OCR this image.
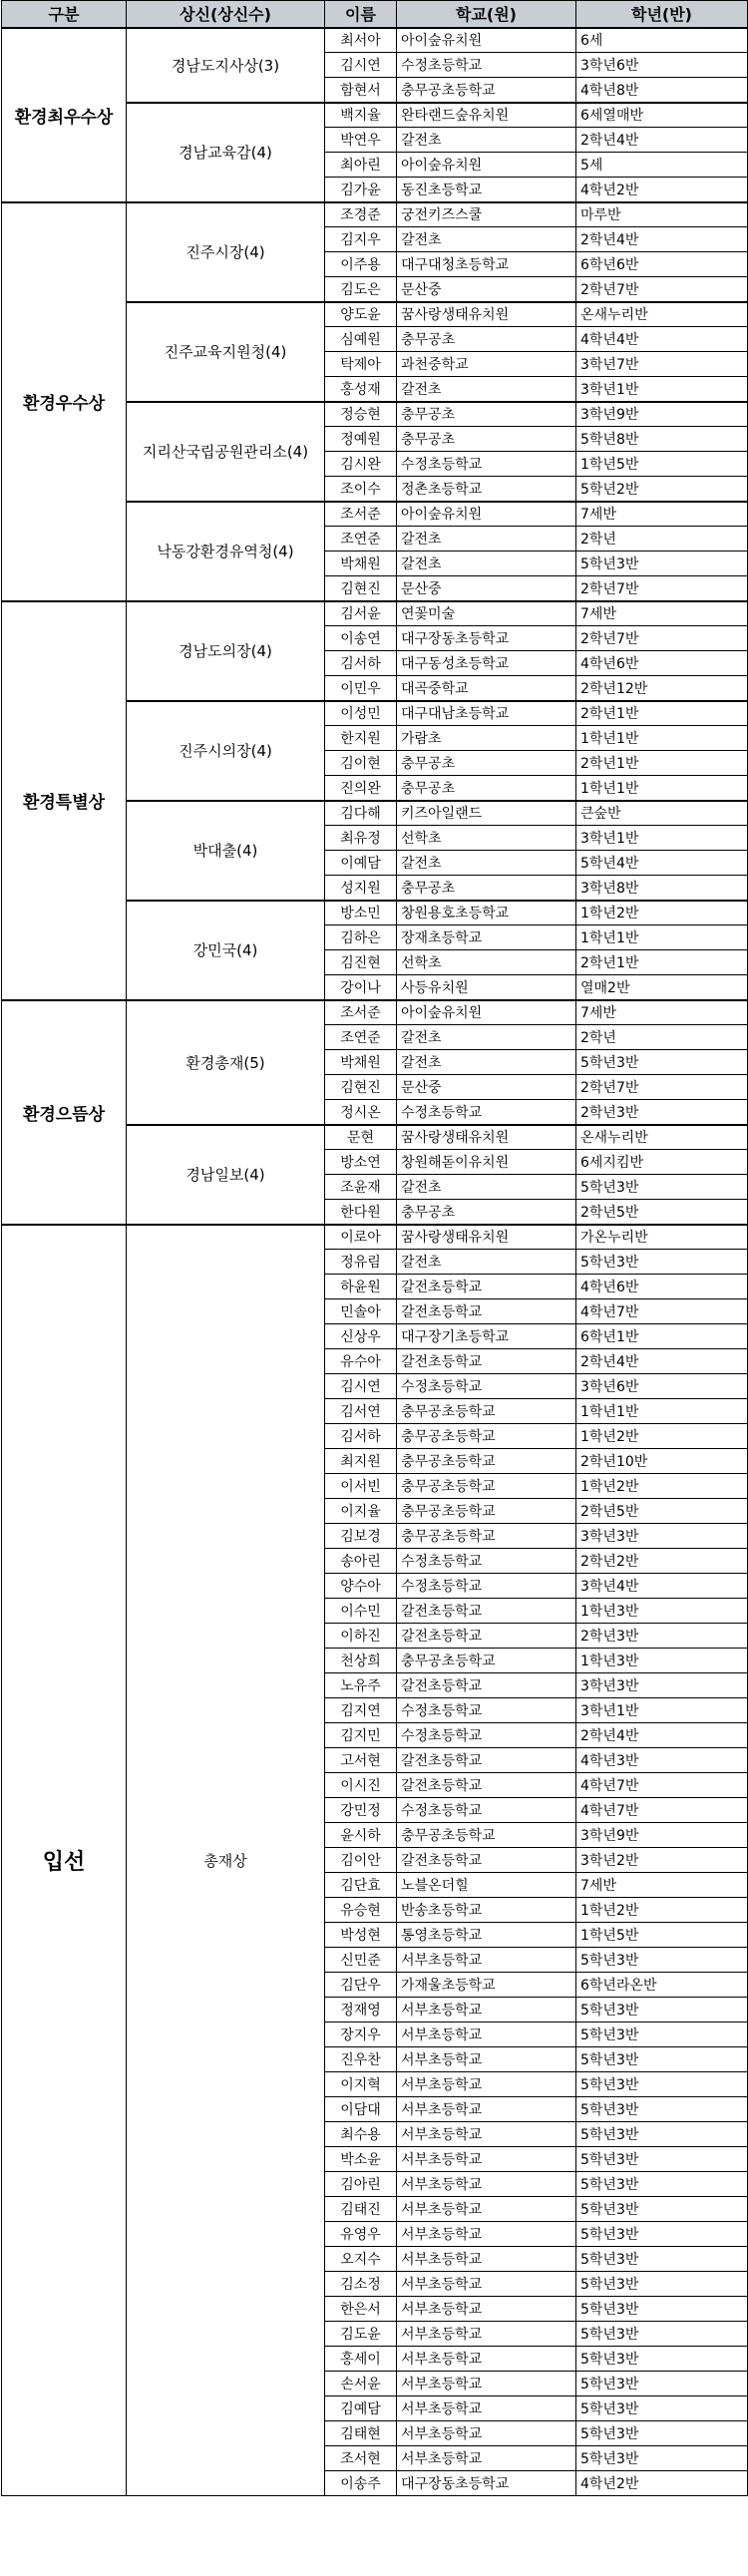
구분	상신(상신수)	이름	학교(원)	학년(반)
환경최우수상	경남도지사상(3)	최서아	아이숲유치원	6세
		김시연	수정초등학교	3학년6반
		함현서	충무공초등학교	4학년8반
	경남교육감(4)	백지율	완타랜드숲유치원	6세열매반
		박연우	갈전초	2학년4반
		최아린	아이숲유치원	5세
		김가윤	동진초등학교	4학년2반
환경우수상	진주시장(4)	조경준	궁전키즈스쿨	마루반
		김지우	갈전초	2학년4반
		이주용	대구대청초등학교	6학년6반
		김도은	문산중	2학년7반
	진주교육지원청(4)	양도윤	꿈사랑생태유치원	온새누리반
		심예원	충무공초	4학년4반
		탁제아	과천중학교	3학년7반
		홍성재	갈전초	3학년1반
	지리산국립공원관리소(4)	정승현	충무공초	3학년9반
		정예원	충무공초	5학년8반
		김시완	수정초등학교	1학년5반
		조이수	정촌초등학교	5학년2반
	낙동강환경유역청(4)	조서준	아이숲유치원	7세반
		조연준	갈전초	2학년
		박채원	갈전초	5학년3반
		김현진	문산중	2학년7반
환경특별상	경남도의장(4)	김서윤	연꽃미술	7세반
		이송연	대구장동초등학교	2학년7반
		김서하	대구동성초등학교	4학년6반
		이민우	대곡중학교	2학년12반
	진주시의장(4)	이성민	대구대남초등학교	2학년1반
		한지원	가람초	1학년1반
		김이현	충무공초	2학년1반
		진의완	충무공초	1학년1반
	박대출(4)	김다해	키즈아일랜드	큰숲반
		최유정	선학초	3학년1반
		이예담	갈전초	5학년4반
		성지원	충무공초	3학년8반
	강민국(4)	방소민	창원용호초등학교	1학년2반
		김하은	장재초등학교	1학년1반
		김진현	선학초	2학년1반
		강이나	사등유치원	열매2반
환경으뜸상	환경총재(5)	조서준	아이숲유치원	7세반
		조연준	갈전초	2학년
		박채원	갈전초	5학년3반
		김현진	문산중	2학년7반
		정시온	수정초등학교	2학년3반
	경남일보(4)	문현	꿈사랑생태유치원	온새누리반
		방소연	창원해돋이유치원	6세지킴반
		조윤재	갈전초	5학년3반
		한다원	충무공초	2학년5반
입선	총재상	이로아	꿈사랑생태유치원	가온누리반
		정유림	갈전초	5학년3반
		하윤원	갈전초등학교	4학년6반
		민솔아	갈전초등학교	4학년7반
		신상우	대구장기초등학교	6학년1반
		유수아	갈전초등학교	2학년4반
		김시연	수정초등학교	3학년6반
		김서연	충무공초등학교	1학년1반
		김서하	충무공초등학교	1학년2반
		최지원	충무공초등학교	2학년10반
		이서빈	충무공초등학교	1학년2반
		이지율	충무공초등학교	2학년5반
		김보경	충무공초등학교	3학년3반
		송아린	수정초등학교	2학년2반
		양수아	수정초등학교	3학년4반
		이수민	갈전초등학교	1학년3반
		이하진	갈전초등학교	2학년3반
		천상희	충무공초등학교	1학년3반
		노유주	갈전초등학교	3학년3반
		김지연	수정초등학교	3학년1반
		김지민	수정초등학교	2학년4반
		고서현	갈전초등학교	4학년3반
		이시진	갈전초등학교	4학년7반
		강민정	수정초등학교	4학년7반
		윤시하	충무공초등학교	3학년9반
		김이안	갈전초등학교	3학년2반
		김단효	노블온더힐	7세반
		유승현	반송초등학교	1학년2반
		박성현	통영초등학교	1학년5반
		신민준	서부초등학교	5학년3반
		김단우	가재울초등학교	6학년라온반
		정재영	서부초등학교	5학년3반
		장지우	서부초등학교	5학년3반
		진우찬	서부초등학교	5학년3반
		이지혁	서부초등학교	5학년3반
		이담대	서부초등학교	5학년3반
		최수용	서부초등학교	5학년3반
		박소윤	서부초등학교	5학년3반
		김아린	서부초등학교	5학년3반
		김태진	서부초등학교	5학년3반
		유영우	서부초등학교	5학년3반
		오지수	서부초등학교	5학년3반
		김소정	서부초등학교	5학년3반
		한은서	서부초등학교	5학년3반
		김도윤	서부초등학교	5학년3반
		홍세이	서부초등학교	5학년3반
		손서윤	서부초등학교	5학년3반
		김예담	서부초등학교	5학년3반
		김태현	서부초등학교	5학년3반
		조서현	서부초등학교	5학년3반
		이송주	대구장동초등학교	4학년2반
